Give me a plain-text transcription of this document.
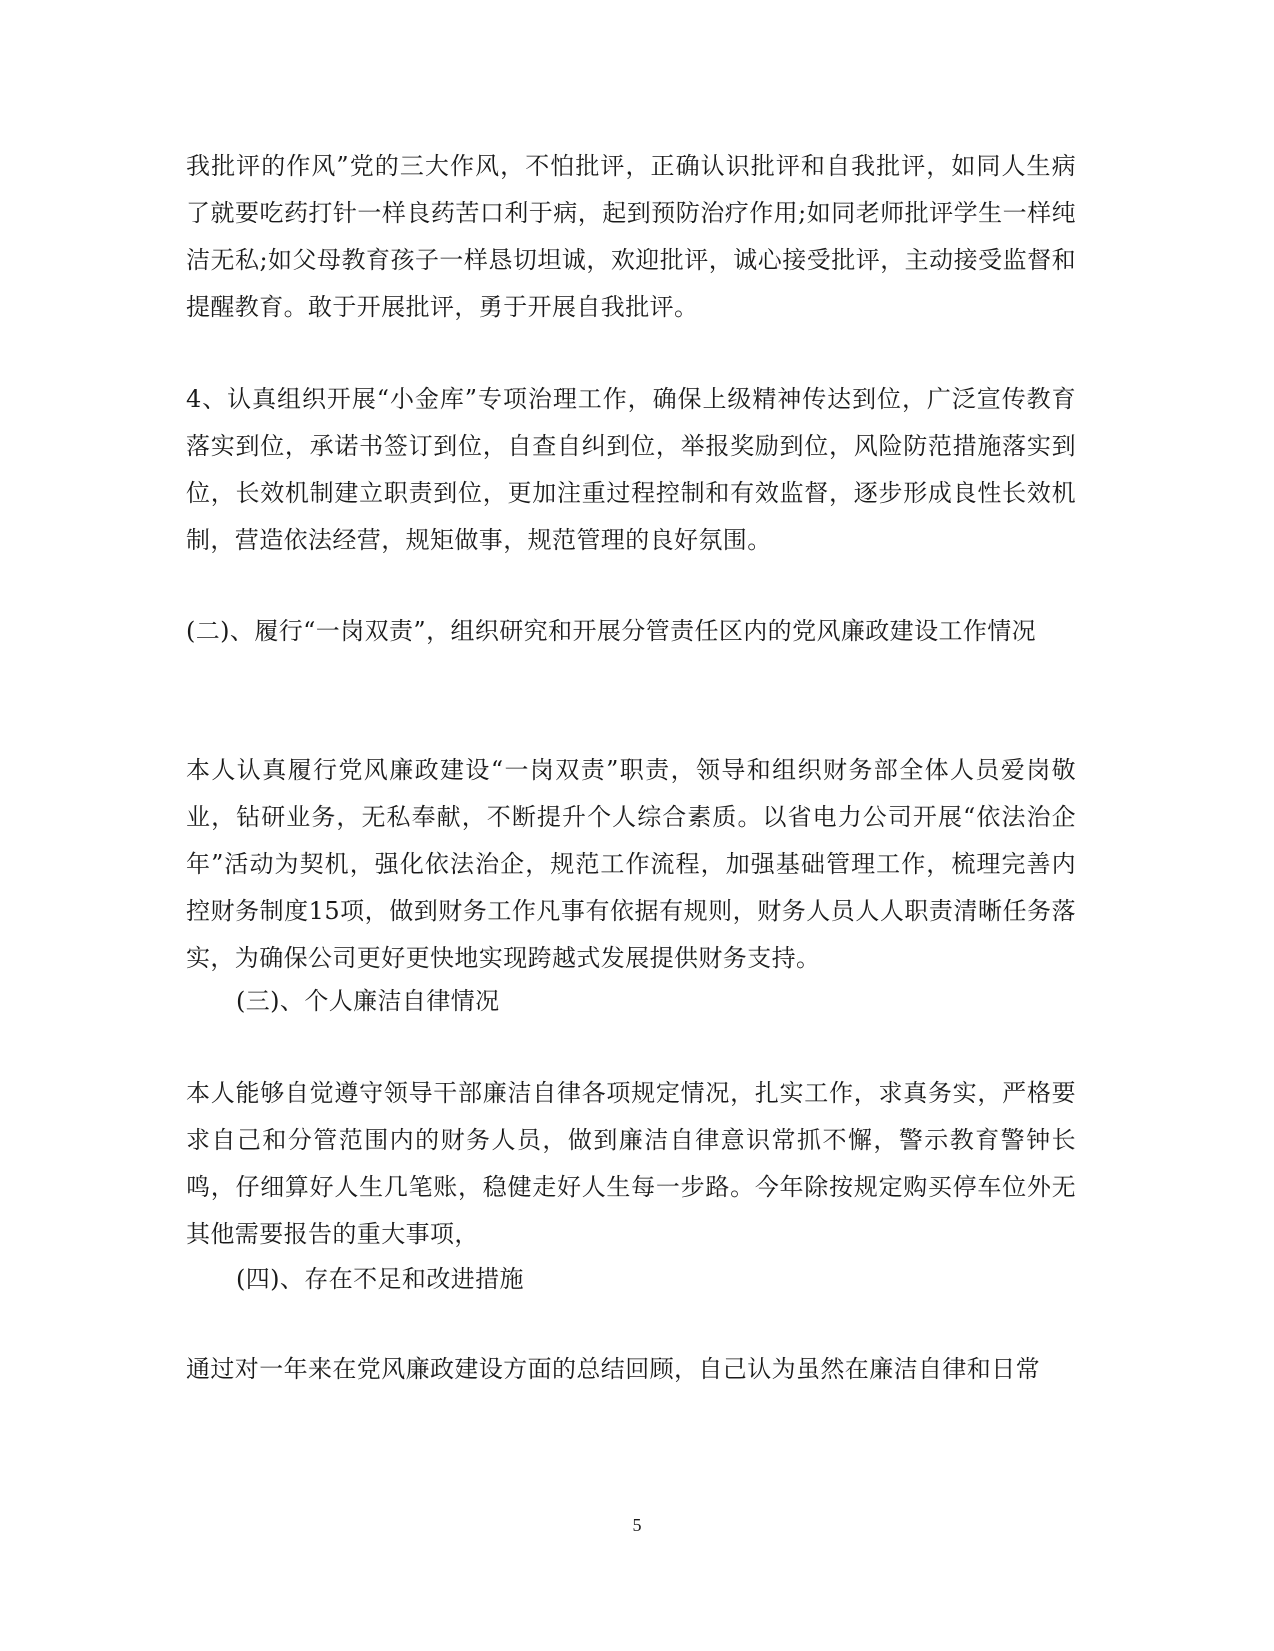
我批评的作风”党的三大作风，不怕批评，正确认识批评和自我批评，如同人生病了就要吃药打针一样良药苦口利于病，起到预防治疗作用;如同老师批评学生一样纯洁无私;如父母教育孩子一样恳切坦诚，欢迎批评，诚心接受批评，主动接受监督和提醒教育。敢于开展批评，勇于开展自我批评。

4、认真组织开展“小金库”专项治理工作，确保上级精神传达到位，广泛宣传教育落实到位，承诺书签订到位，自查自纠到位，举报奖励到位，风险防范措施落实到位，长效机制建立职责到位，更加注重过程控制和有效监督，逐步形成良性长效机制，营造依法经营，规矩做事，规范管理的良好氛围。

(二)、履行“一岗双责”，组织研究和开展分管责任区内的党风廉政建设工作情况

本人认真履行党风廉政建设“一岗双责”职责，领导和组织财务部全体人员爱岗敬业，钻研业务，无私奉献，不断提升个人综合素质。以省电力公司开展“依法治企年”活动为契机，强化依法治企，规范工作流程，加强基础管理工作，梳理完善内控财务制度15项，做到财务工作凡事有依据有规则，财务人员人人职责清晰任务落实，为确保公司更好更快地实现跨越式发展提供财务支持。

(三)、个人廉洁自律情况

本人能够自觉遵守领导干部廉洁自律各项规定情况，扎实工作，求真务实，严格要求自己和分管范围内的财务人员，做到廉洁自律意识常抓不懈，警示教育警钟长鸣，仔细算好人生几笔账，稳健走好人生每一步路。今年除按规定购买停车位外无其他需要报告的重大事项，

(四)、存在不足和改进措施

通过对一年来在党风廉政建设方面的总结回顾，自己认为虽然在廉洁自律和日常

5
